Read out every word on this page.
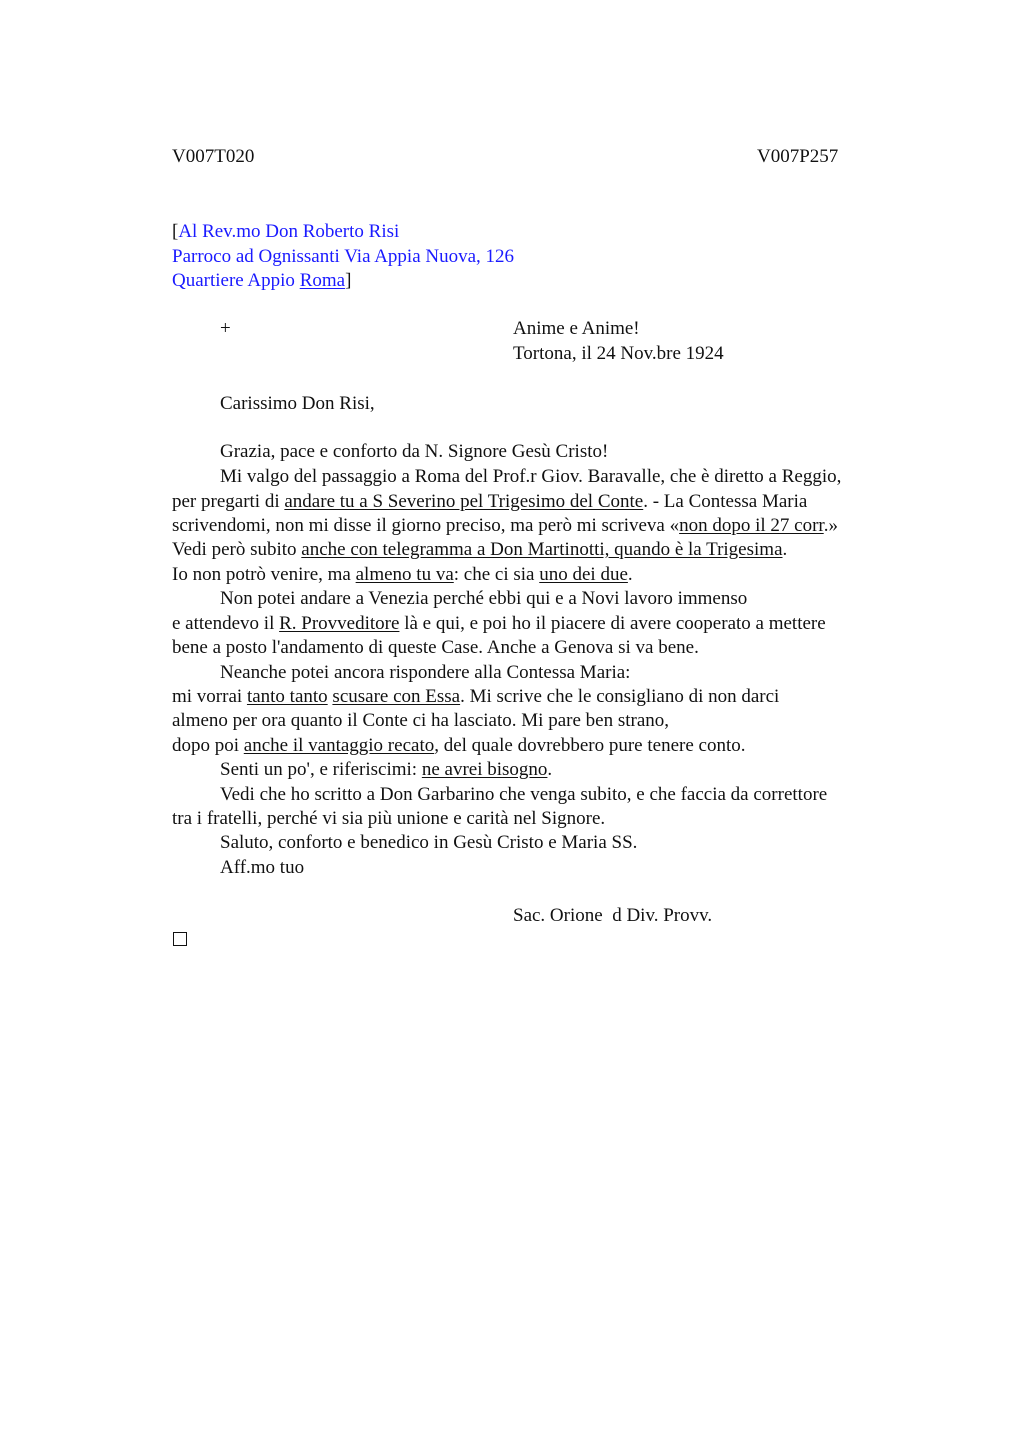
V007T020	V007P257
[Al Rev.mo Don Roberto Risi
Parroco ad Ognissanti Via Appia Nuova, 126
Quartiere Appio Roma]
+	Anime e Anime!
Tortona, il 24 Nov.bre 1924
Carissimo Don Risi,
Grazia, pace e conforto da N. Signore Gesù Cristo!
Mi valgo del passaggio a Roma del Prof.r Giov. Baravalle, che è diretto a Reggio,
per pregarti di andare tu a S Severino pel Trigesimo del Conte. - La Contessa Maria
scrivendomi, non mi disse il giorno preciso, ma però mi scriveva «non dopo il 27 corr.»
Vedi però subito anche con telegramma a Don Martinotti, quando è la Trigesima.
Io non potrò venire, ma almeno tu va: che ci sia uno dei due.
Non potei andare a Venezia perché ebbi qui e a Novi lavoro immenso
e attendevo il R. Provveditore là e qui, e poi ho il piacere di avere cooperato a mettere
bene a posto l'andamento di queste Case. Anche a Genova si va bene.
Neanche potei ancora rispondere alla Contessa Maria:
mi vorrai tanto tanto scusare con Essa. Mi scrive che le consigliano di non darci
almeno per ora quanto il Conte ci ha lasciato. Mi pare ben strano,
dopo poi anche il vantaggio recato, del quale dovrebbero pure tenere conto.
Senti un po', e riferiscimi: ne avrei bisogno.
Vedi che ho scritto a Don Garbarino che venga subito, e che faccia da correttore
tra i fratelli, perché vi sia più unione e carità nel Signore.
Saluto, conforto e benedico in Gesù Cristo e Maria SS.
Aff.mo tuo
Sac. Orione  d Div. Provv.
